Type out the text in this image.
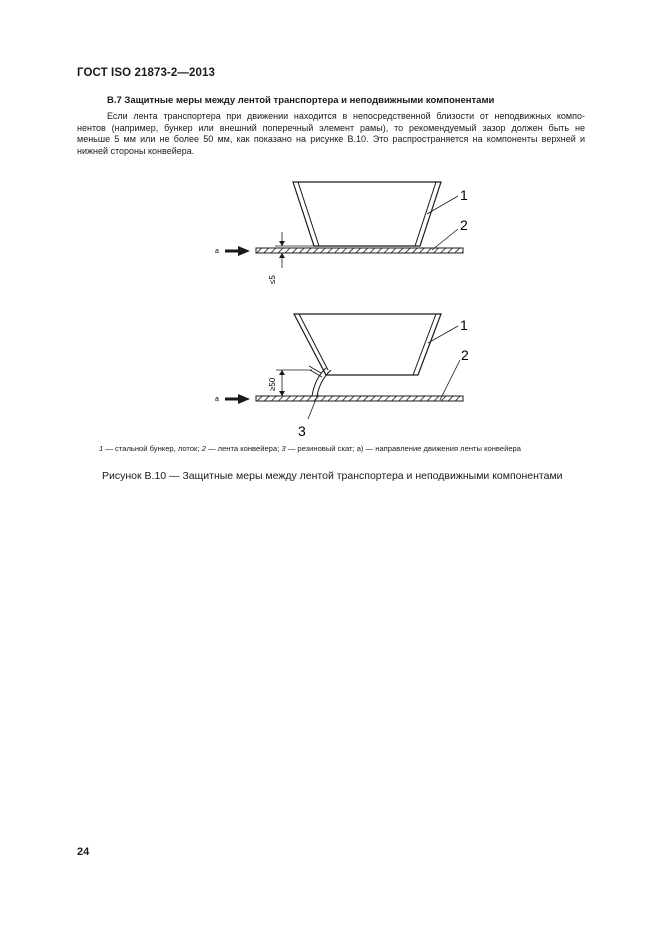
ГОСТ ISO 21873-2—2013
B.7 Защитные меры между лентой транспортера и неподвижными компонентами
Если лента транспортера при движении находится в непосредственной близости от неподвижных компо-
нентов (например, бункер или внешний поперечный элемент рамы), то рекомендуемый зазор должен быть не
меньше 5 мм или не более 50 мм, как показано на рисунке B.10. Это распространяется на компоненты верхней и
нижней стороны конвейера.
a
≤5
1
2
a
≥50
1
2
3
1 — стальной бункер, лоток; 2 — лента конвейера; 3 — резиновый скат; а) — направление движения ленты конвейера
Рисунок B.10 — Защитные меры между лентой транспортера и неподвижными компонентами
24
